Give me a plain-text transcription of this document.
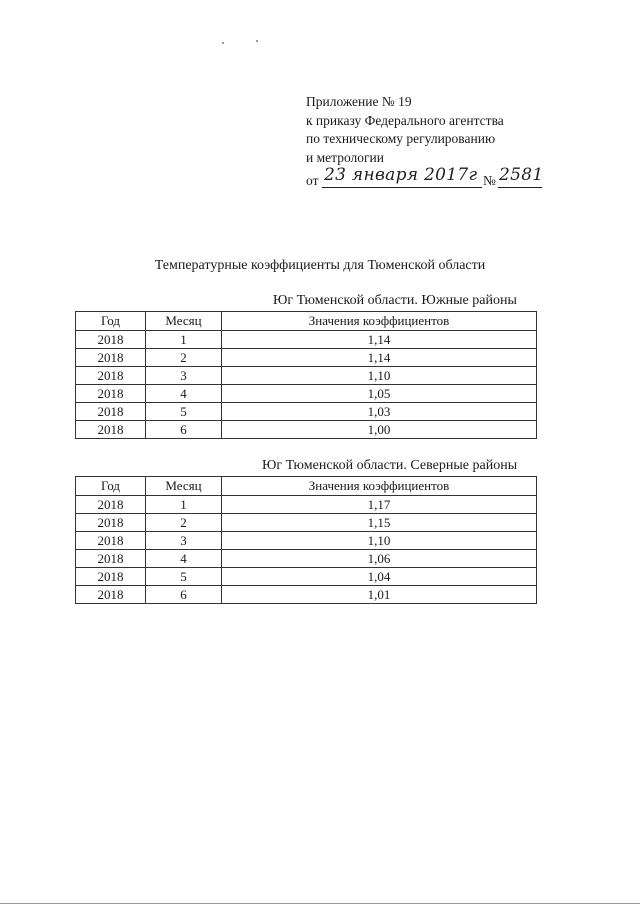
Приложение № 19
к приказу Федерального агентства
по техническому регулированию
и метрологии
от 23 января 2017г № 2581
Температурные коэффициенты для Тюменской области
Юг Тюменской области. Южные районы
Год	Месяц	Значения коэффициентов
2018	1	1,14
2018	2	1,14
2018	3	1,10
2018	4	1,05
2018	5	1,03
2018	6	1,00
Юг Тюменской области. Северные районы
Год	Месяц	Значения коэффициентов
2018	1	1,17
2018	2	1,15
2018	3	1,10
2018	4	1,06
2018	5	1,04
2018	6	1,01
